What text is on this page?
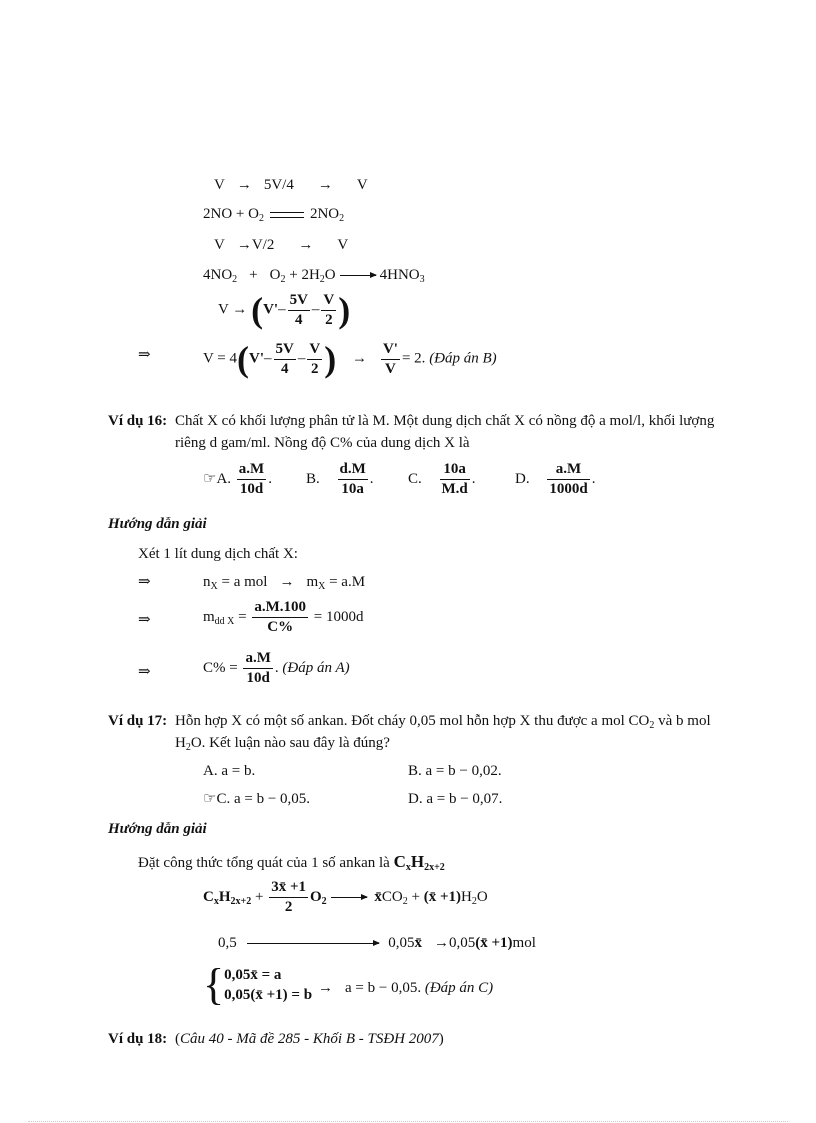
V → 5V/4 → V
$2NO + O_2$	$2NO_2$
V →V/2 → V
$4NO_2 + O_2 + 2H_2O \to 4HNO_3$
$V \to (V'- \frac{5V}{4} - \frac{V}{2}$ )
⇒	$V = 4(V'- \frac{5V}{4} - \frac{V}{2}$ ) → $\frac{V'}{V} = 2$. (Đáp án B)
Ví dụ 16: Chất X có khối lượng phân tử là M. Một dung dịch chất X có nồng độ a mol/l, khối lượng
riêng d gam/ml. Nồng độ C% của dung dịch X là
☞A. $\frac{a.M}{10d}$ . B. $\frac{d.M}{10a}$ . C. $\frac{10a}{M.d}$ .	D. $\frac{a.M}{1000d}$ .
Hướng dẫn giải
Xét 1 lít dung dịch chất X:
⇒	$n_X = a$ mol → $m_X = a.M$
⇒	$m_{dd X} = \frac{a.M.100}{C\%} = 1000d$
⇒	$C\% = \frac{a.M}{10d}$ . (Đáp án A)
Ví dụ 17: Hỗn hợp X có một số ankan. Đốt cháy 0,05 mol hỗn hợp X thu được a mol $CO_2$ và b mol
$H_2O$. Kết luận nào sau đây là đúng?
A. a = b.	B. a = b − 0,02.
☞C. a = b − 0,05.	D. a = b − 0,07.
Hướng dẫn giải
Đặt công thức tổng quát của 1 số ankan là $C_xH_{2x+2}$
$C_xH_{2x+2} + \frac{3x̄ +1}{2} O_2$ → $x̄CO_2$ + (x̄ $+1)H_2O$
0,5	0,05x̄ →0,05(x̄ +1)mol
{ 0,05x̄ = a
0,05(x̄ +1) = b → a = b − 0,05. (Đáp án C)
Ví dụ 18: (Câu 40 - Mã đề 285 - Khối B - TSĐH 2007)
